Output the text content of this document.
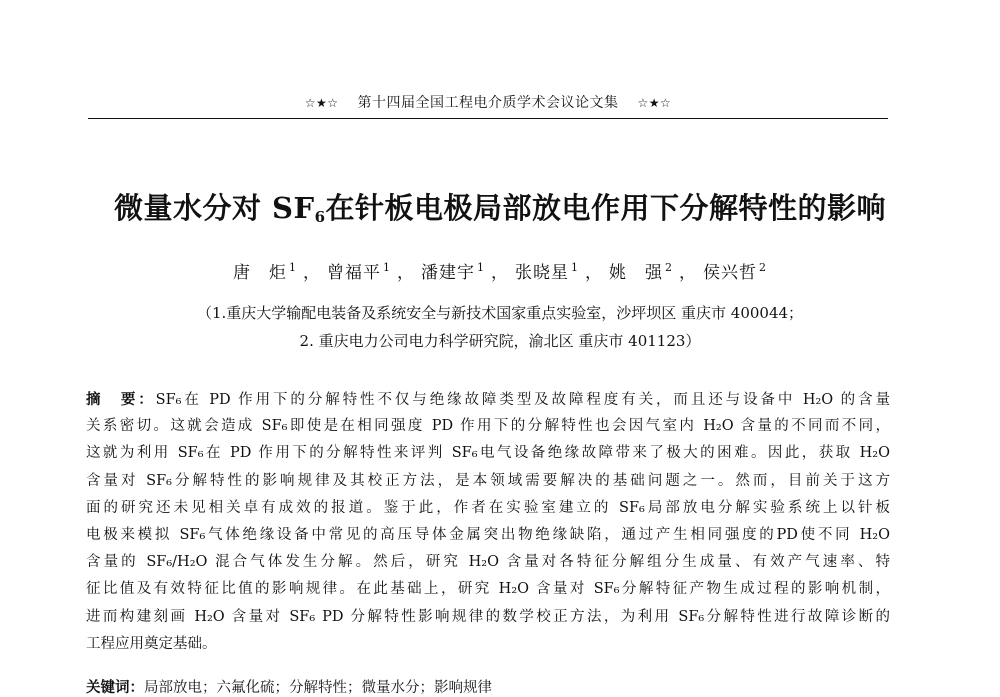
☆★☆ 第十四届全国工程电介质学术会议论文集 ☆★☆
微量水分对 $SF_6$在针板电极局部放电作用下分解特性的影响
唐　炬 $^1$ ， 曾福平 $^1$ ， 潘建宇 $^1$ ， 张晓星 $^1$ ， 姚　强 $^2$ ， 侯兴哲 $^2$
（1.重庆大学输配电装备及系统安全与新技术国家重点实验室，沙坪坝区 重庆市 400044；
2. 重庆电力公司电力科学研究院，渝北区 重庆市 401123）
摘　要：SF₆在 PD 作用下的分解特性不仅与绝缘故障类型及故障程度有关，而且还与设备中 H₂O 的含量
关系密切。这就会造成 SF₆即使是在相同强度 PD 作用下的分解特性也会因气室内 H₂O 含量的不同而不同，
这就为利用 SF₆在 PD 作用下的分解特性来评判 SF₆电气设备绝缘故障带来了极大的困难。因此，获取 H₂O
含量对 SF₆分解特性的影响规律及其校正方法，是本领域需要解决的基础问题之一。然而，目前关于这方
面的研究还未见相关卓有成效的报道。鉴于此，作者在实验室建立的 SF₆局部放电分解实验系统上以针板
电极来模拟 SF₆气体绝缘设备中常见的高压导体金属突出物绝缘缺陷，通过产生相同强度的PD使不同 H₂O
含量的 SF₆/H₂O 混合气体发生分解。然后，研究 H₂O 含量对各特征分解组分生成量、有效产气速率、特
征比值及有效特征比值的影响规律。在此基础上，研究 H₂O 含量对 SF₆分解特征产物生成过程的影响机制，
进而构建刻画 H₂O 含量对 SF₆ PD 分解特性影响规律的数学校正方法，为利用 SF₆分解特性进行故障诊断的
工程应用奠定基础。
关键词：局部放电；六氟化硫；分解特性；微量水分；影响规律
